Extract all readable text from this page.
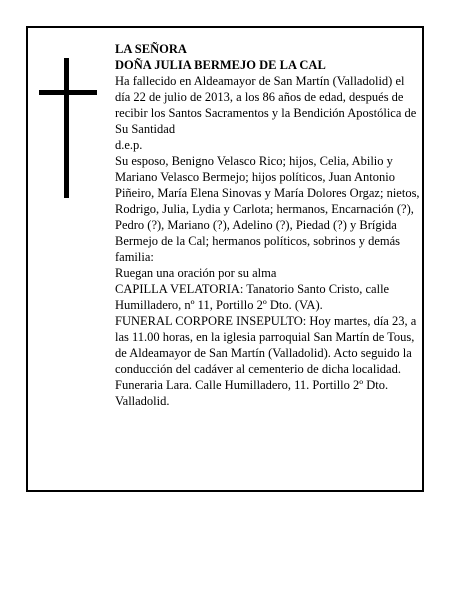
LA SEÑORA

DOÑA JULIA BERMEJO DE LA CAL

Ha fallecido en Aldeamayor de San Martín (Valladolid) el día 22 de julio de 2013, a los 86 años de edad, después de recibir los Santos Sacramentos y la Bendición Apostólica de Su Santidad

d.e.p.

Su esposo, Benigno Velasco Rico; hijos, Celia, Abilio y Mariano Velasco Bermejo; hijos políticos, Juan Antonio Piñeiro, María Elena Sinovas y María Dolores Orgaz; nietos, Rodrigo, Julia, Lydia y Carlota; hermanos, Encarnación (?), Pedro (?), Mariano (?), Adelino (?), Piedad (?) y Brígida Bermejo de la Cal; hermanos políticos, sobrinos y demás familia:

Ruegan una oración por su alma

CAPILLA VELATORIA: Tanatorio Santo Cristo, calle Humilladero, nº 11, Portillo 2º Dto. (VA).

FUNERAL CORPORE INSEPULTO: Hoy martes, día 23, a las 11.00 horas, en la iglesia parroquial San Martín de Tous, de Aldeamayor de San Martín (Valladolid). Acto seguido la conducción del cadáver al cementerio de dicha localidad.

Funeraria Lara. Calle Humilladero, 11. Portillo 2º Dto. Valladolid.
